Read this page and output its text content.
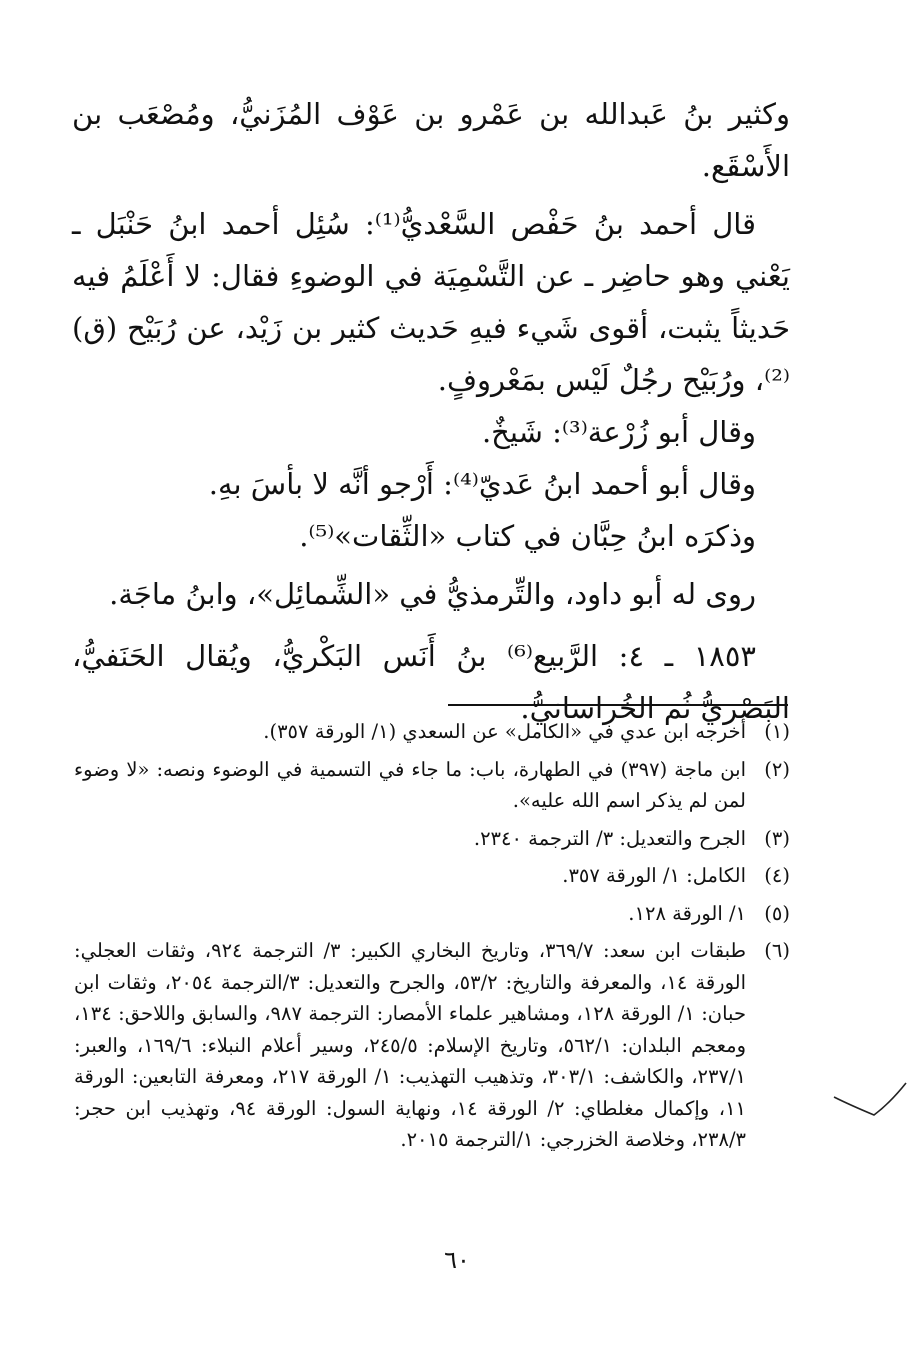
وكثير بنُ عَبدالله بن عَمْرو بن عَوْف المُزَنيُّ، ومُصْعَب بن الأَسْقَع.

قال أحمد بنُ حَفْص السَّعْديُّ⁽¹⁾: سُئِل أحمد ابنُ حَنْبَل ـ يَعْني وهو حاضِر ـ عن التَّسْمِيَة في الوضوءِ فقال: لا أَعْلَمُ فيه حَديثاً يثبت، أقوى شَيء فيهِ حَديث كثير بن زَيْد، عن رُبَيْح (ق)⁽²⁾، ورُبَيْح رجُلٌ لَيْس بمَعْروفٍ.

وقال أبو زُرْعة⁽³⁾: شَيخٌ.

وقال أبو أحمد ابنُ عَديّ⁽⁴⁾: أَرْجو أنَّه لا بأسَ بهِ.

وذكرَه ابنُ حِبَّان في كتاب «الثِّقات»⁽⁵⁾.

روى له أبو داود، والتِّرمذيُّ في «الشِّمائِل»، وابنُ ماجَة.

١٨٥٣ ـ ٤: الرَّبيع⁽⁶⁾ بنُ أَنَس البَكْريُّ، ويُقال الحَنَفيُّ، البَصْريُّ ثُم الخُراسانيُّ.

(١)
أخرجه ابن عدي في «الكامل» عن السعدي (١/ الورقة ٣٥٧).
(٢)
ابن ماجة (٣٩٧) في الطهارة، باب: ما جاء في التسمية في الوضوء ونصه: «لا وضوء لمن لم يذكر اسم الله عليه».
(٣)
الجرح والتعديل: ٣/ الترجمة ٢٣٤٠.
(٤)
الكامل: ١/ الورقة ٣٥٧.
(٥)
١/ الورقة ١٢٨.
(٦)
طبقات ابن سعد: ٣٦٩/٧، وتاريخ البخاري الكبير: ٣/ الترجمة ٩٢٤، وثقات العجلي: الورقة ١٤، والمعرفة والتاريخ: ٥٣/٢، والجرح والتعديل: ٣/الترجمة ٢٠٥٤، وثقات ابن حبان: ١/ الورقة ١٢٨، ومشاهير علماء الأمصار: الترجمة ٩٨٧، والسابق واللاحق: ١٣٤، ومعجم البلدان: ٥٦٢/١، وتاريخ الإسلام: ٢٤٥/٥، وسير أعلام النبلاء: ١٦٩/٦، والعبر: ٢٣٧/١، والكاشف: ٣٠٣/١، وتذهيب التهذيب: ١/ الورقة ٢١٧، ومعرفة التابعين: الورقة ١١، وإكمال مغلطاي: ٢/ الورقة ١٤، ونهاية السول: الورقة ٩٤، وتهذيب ابن حجر: ٢٣٨/٣، وخلاصة الخزرجي: ١/الترجمة ٢٠١٥.
٦٠
